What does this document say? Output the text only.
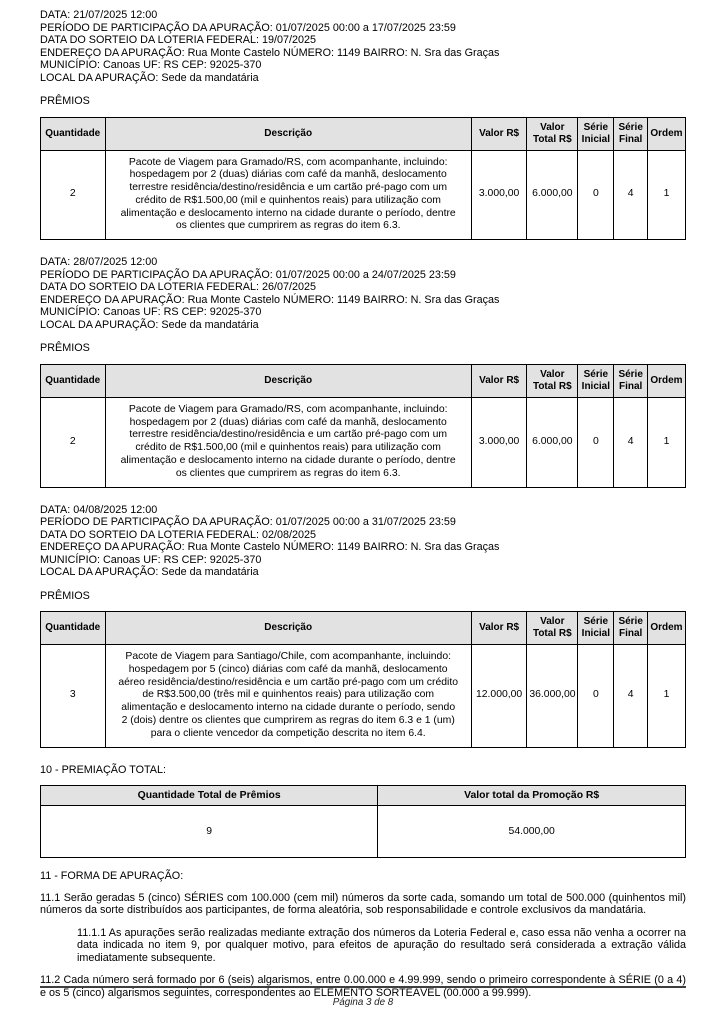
DATA: 21/07/2025 12:00

PERÍODO DE PARTICIPAÇÃO DA APURAÇÃO: 01/07/2025 00:00 a 17/07/2025 23:59

DATA DO SORTEIO DA LOTERIA FEDERAL: 19/07/2025

ENDEREÇO DA APURAÇÃO: Rua Monte Castelo NÚMERO: 1149 BAIRRO: N. Sra das Graças

MUNICÍPIO: Canoas UF: RS CEP: 92025-370

LOCAL DA APURAÇÃO: Sede da mandatária

PRÊMIOS

Quantidade	Descrição	Valor R$	Valor Total R$	Série Inicial	Série Final	Ordem
2	Pacote de Viagem para Gramado/RS, com acompanhante, incluindo: hospedagem por 2 (duas) diárias com café da manhã, deslocamento terrestre residência/destino/residência e um cartão pré-pago com um crédito de R$1.500,00 (mil e quinhentos reais) para utilização com alimentação e deslocamento interno na cidade durante o período, dentre os clientes que cumprirem as regras do item 6.3.	3.000,00	6.000,00	0	4	1

DATA: 28/07/2025 12:00

PERÍODO DE PARTICIPAÇÃO DA APURAÇÃO: 01/07/2025 00:00 a 24/07/2025 23:59

DATA DO SORTEIO DA LOTERIA FEDERAL: 26/07/2025

ENDEREÇO DA APURAÇÃO: Rua Monte Castelo NÚMERO: 1149 BAIRRO: N. Sra das Graças

MUNICÍPIO: Canoas UF: RS CEP: 92025-370

LOCAL DA APURAÇÃO: Sede da mandatária

PRÊMIOS

Quantidade	Descrição	Valor R$	Valor Total R$	Série Inicial	Série Final	Ordem
2	Pacote de Viagem para Gramado/RS, com acompanhante, incluindo: hospedagem por 2 (duas) diárias com café da manhã, deslocamento terrestre residência/destino/residência e um cartão pré-pago com um crédito de R$1.500,00 (mil e quinhentos reais) para utilização com alimentação e deslocamento interno na cidade durante o período, dentre os clientes que cumprirem as regras do item 6.3.	3.000,00	6.000,00	0	4	1

DATA: 04/08/2025 12:00

PERÍODO DE PARTICIPAÇÃO DA APURAÇÃO: 01/07/2025 00:00 a 31/07/2025 23:59

DATA DO SORTEIO DA LOTERIA FEDERAL: 02/08/2025

ENDEREÇO DA APURAÇÃO: Rua Monte Castelo NÚMERO: 1149 BAIRRO: N. Sra das Graças

MUNICÍPIO: Canoas UF: RS CEP: 92025-370

LOCAL DA APURAÇÃO: Sede da mandatária

PRÊMIOS

Quantidade	Descrição	Valor R$	Valor Total R$	Série Inicial	Série Final	Ordem
3	Pacote de Viagem para Santiago/Chile, com acompanhante, incluindo: hospedagem por 5 (cinco) diárias com café da manhã, deslocamento aéreo residência/destino/residência e um cartão pré-pago com um crédito de R$3.500,00 (três mil e quinhentos reais) para utilização com alimentação e deslocamento interno na cidade durante o período, sendo 2 (dois) dentre os clientes que cumprirem as regras do item 6.3 e 1 (um) para o cliente vencedor da competição descrita no item 6.4.	12.000,00	36.000,00	0	4	1

10 - PREMIAÇÃO TOTAL:

Quantidade Total de Prêmios	Valor total da Promoção R$
9	54.000,00

11 - FORMA DE APURAÇÃO:

11.1 Serão geradas 5 (cinco) SÉRIES com 100.000 (cem mil) números da sorte cada, somando um total de 500.000 (quinhentos mil) números da sorte distribuídos aos participantes, de forma aleatória, sob responsabilidade e controle exclusivos da mandatária.

11.1.1 As apurações serão realizadas mediante extração dos números da Loteria Federal e, caso essa não venha a ocorrer na data indicada no item 9, por qualquer motivo, para efeitos de apuração do resultado será considerada a extração válida imediatamente subsequente.

11.2 Cada número será formado por 6 (seis) algarismos, entre 0.00.000 e 4.99.999, sendo o primeiro correspondente à SÉRIE (0 a 4) e os 5 (cinco) algarismos seguintes, correspondentes ao ELEMENTO SORTEÁVEL (00.000 a 99.999).

Página 3 de 8
